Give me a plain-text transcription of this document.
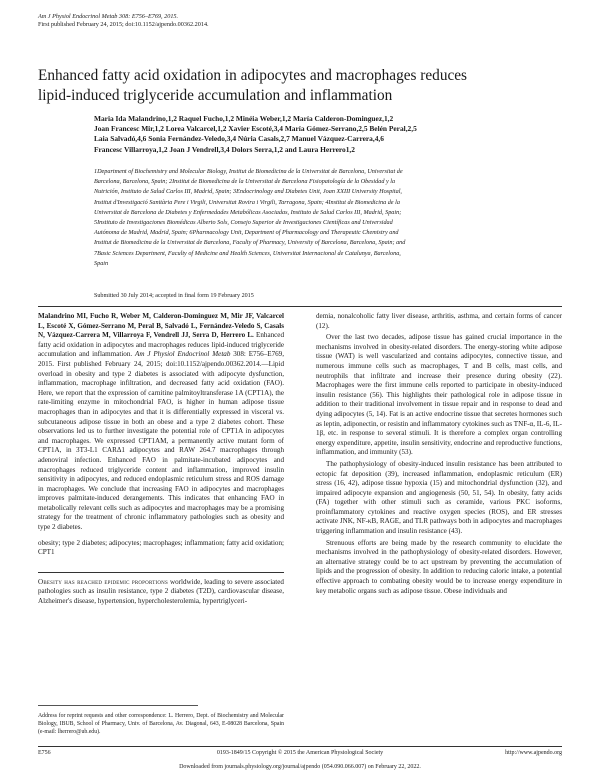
Am J Physiol Endocrinol Metab 308: E756–E769, 2015.
First published February 24, 2015; doi:10.1152/ajpendo.00362.2014.
Enhanced fatty acid oxidation in adipocytes and macrophages reduces
lipid-induced triglyceride accumulation and inflammation
Maria Ida Malandrino,1,2 Raquel Fucho,1,2 Minéia Weber,1,2 María Calderon-Dominguez,1,2
Joan Francesc Mir,1,2 Lorea Valcarcel,1,2 Xavier Escoté,3,4 María Gómez-Serrano,2,5 Belén Peral,2,5
Laia Salvadó,4,6 Sonia Fernández-Veledo,3,4 Núria Casals,2,7 Manuel Vázquez-Carrera,4,6
Francesc Villarroya,1,2 Joan J Vendrell,3,4 Dolors Serra,1,2 and Laura Herrero1,2
1Department of Biochemistry and Molecular Biology, Institut de Biomedicina de la Universitat de Barcelona, Universitat de
Barcelona, Barcelona, Spain; 2Institut de Biomedicina de la Universitat de Barcelona Fisiopatología de la Obesidad y la
Nutrición, Instituto de Salud Carlos III, Madrid, Spain; 3Endocrinology and Diabetes Unit, Joan XXIII University Hospital,
Institut d'Investigació Sanitària Pere i Virgili, Universitat Rovira i Virgili, Tarragona, Spain; 4Institut de Biomedicina de la
Universitat de Barcelona de Diabetes y Enfermedades Metabólicas Asociadas, Instituto de Salud Carlos III, Madrid, Spain;
5Instituto de Investigaciones Biomédicas Alberto Sols, Consejo Superior de Investigaciones Científicas and Universidad
Autónoma de Madrid, Madrid, Spain; 6Pharmacology Unit, Department of Pharmacology and Therapeutic Chemistry and
Institut de Biomedicina de la Universitat de Barcelona, Faculty of Pharmacy, University of Barcelona, Barcelona, Spain; and
7Basic Sciences Department, Faculty of Medicine and Health Sciences, Universitat Internacional de Catalunya, Barcelona,
Spain
Submitted 30 July 2014; accepted in final form 19 February 2015

Malandrino MI, Fucho R, Weber M, Calderon-Dominguez M, Mir JF, Valcarcel L, Escoté X, Gómez-Serrano M, Peral B, Salvadó L, Fernández-Veledo S, Casals N, Vázquez-Carrera M, Villarroya F, Vendrell JJ, Serra D, Herrero L. Enhanced fatty acid oxidation in adipocytes and macrophages reduces lipid-induced triglyceride accumulation and inflammation. Am J Physiol Endocrinol Metab 308: E756–E769, 2015. First published February 24, 2015; doi:10.1152/ajpendo.00362.2014.—Lipid overload in obesity and type 2 diabetes is associated with adipocyte dysfunction, inflammation, macrophage infiltration, and decreased fatty acid oxidation (FAO). Here, we report that the expression of carnitine palmitoyltransferase 1A (CPT1A), the rate-limiting enzyme in mitochondrial FAO, is higher in human adipose tissue macrophages than in adipocytes and that it is differentially expressed in visceral vs. subcutaneous adipose tissue in both an obese and a type 2 diabetes cohort. These observations led us to further investigate the potential role of CPT1A in adipocytes and macrophages. We expressed CPT1AM, a permanently active mutant form of CPT1A, in 3T3-L1 CARΔ1 adipocytes and RAW 264.7 macrophages through adenoviral infection. Enhanced FAO in palmitate-incubated adipocytes and macrophages reduced triglyceride content and inflammation, improved insulin sensitivity in adipocytes, and reduced endoplasmic reticulum stress and ROS damage in macrophages. We conclude that increasing FAO in adipocytes and macrophages improves palmitate-induced derangements. This indicates that enhancing FAO in metabolically relevant cells such as adipocytes and macrophages may be a promising strategy for the treatment of chronic inflammatory pathologies such as obesity and type 2 diabetes.

obesity; type 2 diabetes; adipocytes; macrophages; inflammation; fatty acid oxidation; CPT1

Obesity has reached epidemic proportions worldwide, leading to severe associated pathologies such as insulin resistance, type 2 diabetes (T2D), cardiovascular disease, Alzheimer's disease, hypertension, hypercholesterolemia, hypertriglyceri-

demia, nonalcoholic fatty liver disease, arthritis, asthma, and certain forms of cancer (12).

Over the last two decades, adipose tissue has gained crucial importance in the mechanisms involved in obesity-related disorders. The energy-storing white adipose tissue (WAT) is well vascularized and contains adipocytes, connective tissue, and numerous immune cells such as macrophages, T and B cells, mast cells, and neutrophils that infiltrate and increase their presence during obesity (22). Macrophages were the first immune cells reported to participate in obesity-induced insulin resistance (56). This highlights their pathological role in adipose tissue in addition to their traditional involvement in tissue repair and in response to dead and dying adipocytes (5, 14). Fat is an active endocrine tissue that secretes hormones such as leptin, adiponectin, or resistin and inflammatory cytokines such as TNF-α, IL-6, IL-1β, etc. in response to several stimuli. It is therefore a complex organ controlling energy expenditure, appetite, insulin sensitivity, endocrine and reproductive functions, inflammation, and immunity (53).

The pathophysiology of obesity-induced insulin resistance has been attributed to ectopic fat deposition (39), increased inflammation, endoplasmic reticulum (ER) stress (16, 42), adipose tissue hypoxia (15) and mitochondrial dysfunction (32), and impaired adipocyte expansion and angiogenesis (50, 51, 54). In obesity, fatty acids (FA) together with other stimuli such as ceramide, various PKC isoforms, proinflammatory cytokines and reactive oxygen species (ROS), and ER stresses activate JNK, NF-κB, RAGE, and TLR pathways both in adipocytes and macrophages triggering inflammation and insulin resistance (43).

Strenuous efforts are being made by the research community to elucidate the mechanisms involved in the pathophysiology of obesity-related disorders. However, an alternative strategy could be to act upstream by preventing the accumulation of lipids and the progression of obesity. In addition to reducing caloric intake, a potential effective approach to combating obesity would be to increase energy expenditure in key metabolic organs such as adipose tissue. Obese individuals and

Address for reprint requests and other correspondence: L. Herrero, Dept. of Biochemistry and Molecular Biology, IBUB, School of Pharmacy, Univ. of Barcelona, Av. Diagonal, 643, E-08028 Barcelona, Spain (e-mail: lherrero@ub.edu).
E756	0193-1849/15 Copyright © 2015 the American Physiological Society	http://www.ajpendo.org
Downloaded from journals.physiology.org/journal/ajpendo (054.090.066.007) on February 22, 2022.
